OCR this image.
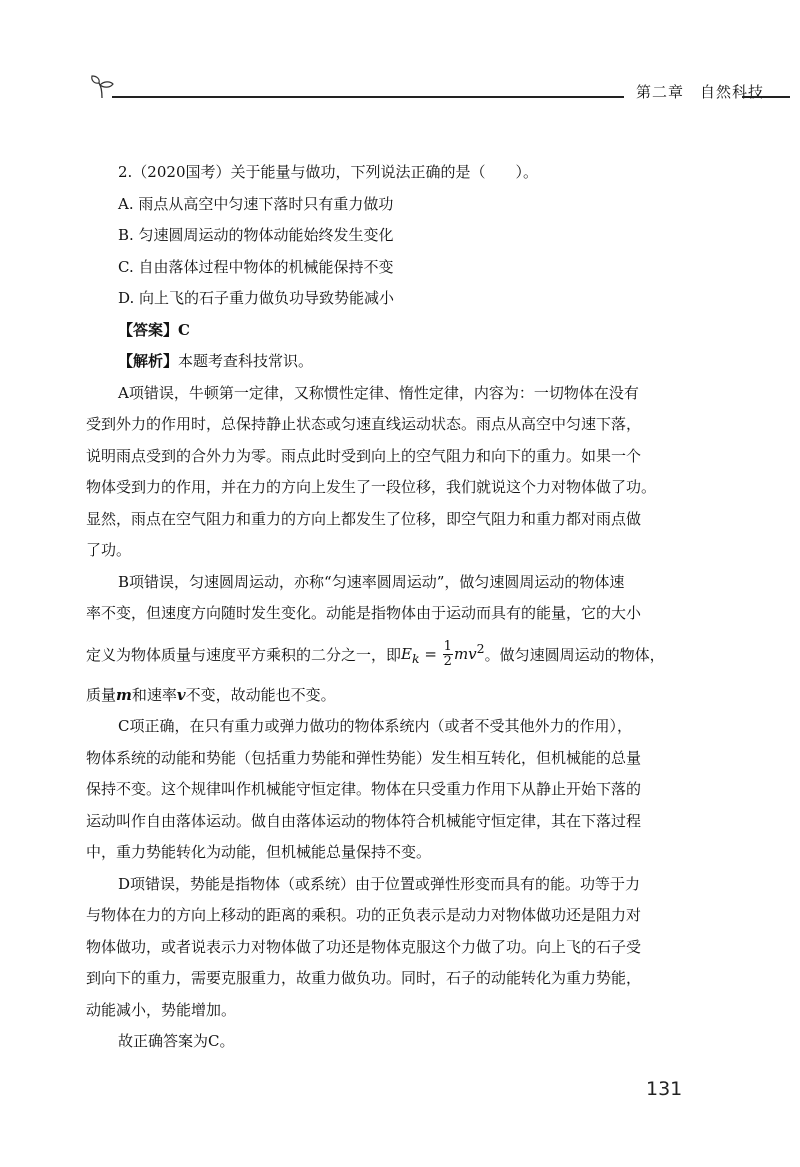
第二章　自然科技
2.（2020国考）关于能量与做功，下列说法正确的是（　　）。
A. 雨点从高空中匀速下落时只有重力做功
B. 匀速圆周运动的物体动能始终发生变化
C. 自由落体过程中物体的机械能保持不变
D. 向上飞的石子重力做负功导致势能减小
【答案】C
【解析】本题考查科技常识。
A项错误，牛顿第一定律，又称惯性定律、惰性定律，内容为：一切物体在没有
受到外力的作用时，总保持静止状态或匀速直线运动状态。雨点从高空中匀速下落，
说明雨点受到的合外力为零。雨点此时受到向上的空气阻力和向下的重力。如果一个
物体受到力的作用，并在力的方向上发生了一段位移，我们就说这个力对物体做了功。
显然，雨点在空气阻力和重力的方向上都发生了位移，即空气阻力和重力都对雨点做
了功。
B项错误，匀速圆周运动，亦称“匀速率圆周运动”，做匀速圆周运动的物体速
率不变，但速度方向随时发生变化。动能是指物体由于运动而具有的能量，它的大小
定义为物体质量与速度平方乘积的二分之一，即$E_k = \frac{1}{2} mv^2$。做匀速圆周运动的物体，
质量m和速率v不变，故动能也不变。
C项正确，在只有重力或弹力做功的物体系统内（或者不受其他外力的作用），
物体系统的动能和势能（包括重力势能和弹性势能）发生相互转化，但机械能的总量
保持不变。这个规律叫作机械能守恒定律。物体在只受重力作用下从静止开始下落的
运动叫作自由落体运动。做自由落体运动的物体符合机械能守恒定律，其在下落过程
中，重力势能转化为动能，但机械能总量保持不变。
D项错误，势能是指物体（或系统）由于位置或弹性形变而具有的能。功等于力
与物体在力的方向上移动的距离的乘积。功的正负表示是动力对物体做功还是阻力对
物体做功，或者说表示力对物体做了功还是物体克服这个力做了功。向上飞的石子受
到向下的重力，需要克服重力，故重力做负功。同时，石子的动能转化为重力势能，
动能减小，势能增加。
故正确答案为C。
131
